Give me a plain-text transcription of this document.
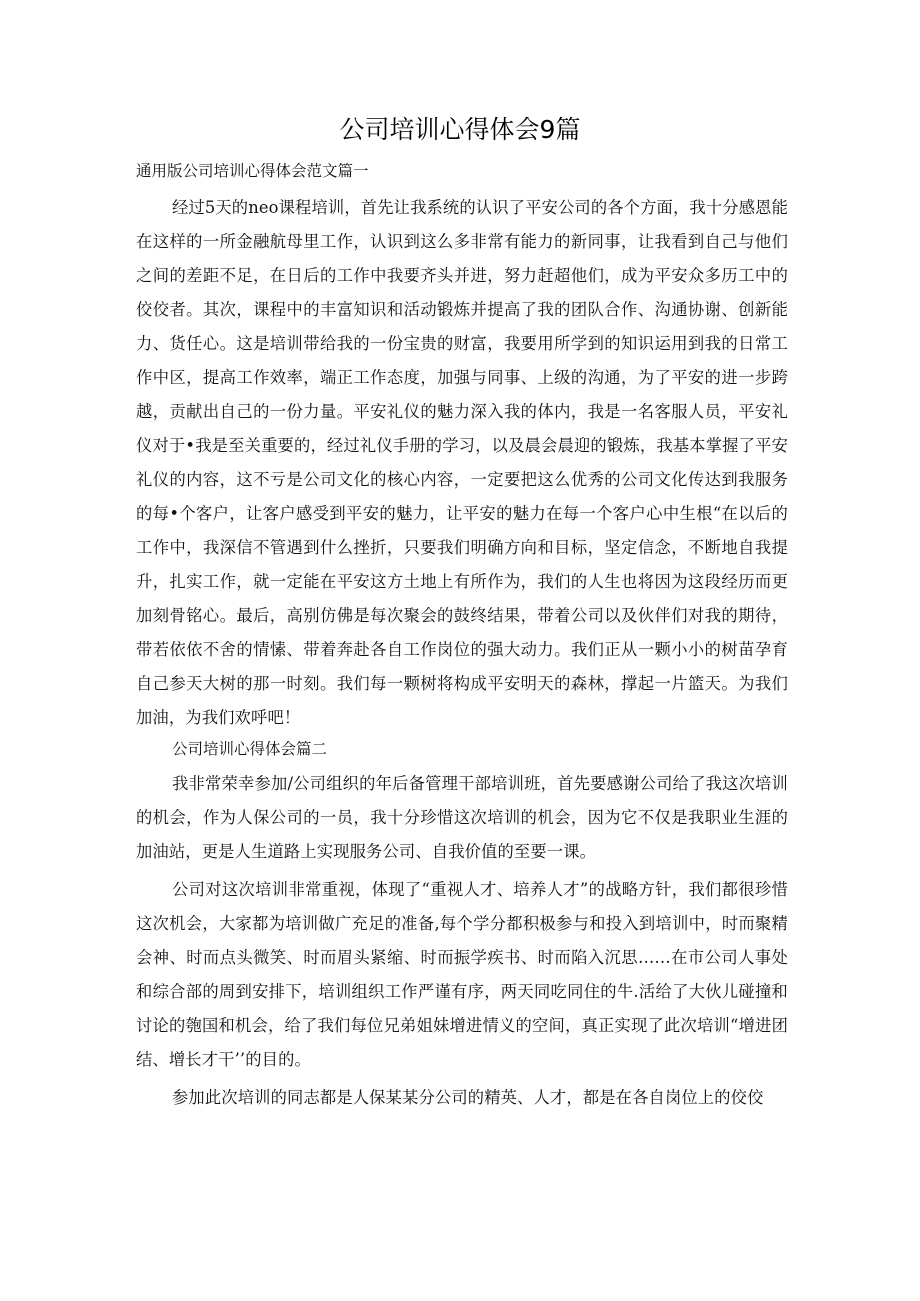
公司培训心得体会9篇

通用版公司培训心得体会范文篇一

经过5天的neo课程培训，首先让我系统的认识了平安公司的各个方面，我十分感恩能在这样的一所金融航母里工作，认识到这么多非常有能力的新同事，让我看到自己与他们之间的差距不足，在日后的工作中我要齐头并进，努力赶超他们，成为平安众多历工中的佼佼者。其次，课程中的丰富知识和活动锻炼并提高了我的团队合作、沟通协谢、创新能力、货任心。这是培训带给我的一份宝贵的财富，我要用所学到的知识运用到我的日常工作中区，提高工作效率，端正工作态度，加强与同事、上级的沟通，为了平安的进一步跨越，贡献出自己的一份力量。平安礼仪的魅力深入我的体内，我是一名客服人员，平安礼仪对于•我是至关重要的，经过礼仪手册的学习，以及晨会晨迎的锻炼，我基本掌握了平安礼仪的内容，这不亏是公司文化的核心内容，一定要把这么优秀的公司文化传达到我服务的每•个客户，让客户感受到平安的魅力，让平安的魅力在每一个客户心中生根“在以后的工作中，我深信不管遇到什么挫折，只要我们明确方向和目标，坚定信念，不断地自我提升，扎实工作，就一定能在平安这方土地上有所作为，我们的人生也将因为这段经历而更加刻骨铭心。最后，高别仿佛是每次聚会的鼓终结果，带着公司以及伙伴们对我的期待，带若依依不舍的情愫、带着奔赴各自工作岗位的强大动力。我们正从一颗小小的树苗孕育自己参天大树的那一时刻。我们每一颗树将构成平安明天的森林，撑起一片篮天。为我们加油，为我们欢呼吧！

公司培训心得体会篇二

我非常荣幸参加/公司组织的年后备管理干部培训班，首先要感谢公司给了我这次培训的机会，作为人保公司的一员，我十分珍惜这次培训的机会，因为它不仅是我职业生涯的加油站，更是人生道路上实现服务公司、自我价值的至要一课。

公司对这次培训非常重视，体现了“重视人才、培养人才”的战略方针，我们都很珍惜这次机会，大家都为培训做广充足的准备,每个学分都积极参与和投入到培训中，时而聚精会神、时而点头微笑、时而眉头紧缩、时而振学疾书、时而陷入沉思……在市公司人事处和综合部的周到安排下，培训组织工作严谨有序，两天同吃同住的牛.活给了大伙儿碰撞和讨论的匏国和机会，给了我们每位兄弟姐妹增进情义的空间，真正实现了此次培训“增进团结、增长才干’’的目的。

参加此次培训的同志都是人保某某分公司的精英、人才，都是在各自岗位上的佼佼
